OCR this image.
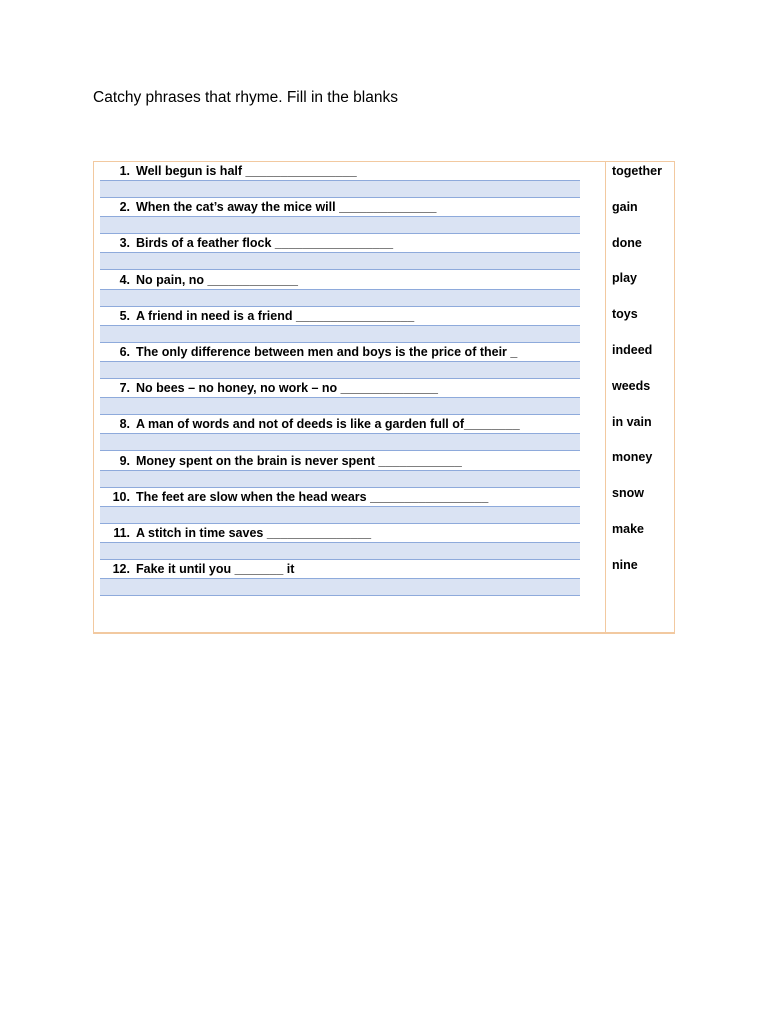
Catchy phrases that rhyme. Fill in the blanks
1. Well begun is half ________________
2. When the cat’s away the mice will ______________
3. Birds of a feather flock _________________
4. No pain, no _____________
5. A friend in need is a friend _________________
6. The only difference between men and boys is the price of their _
7. No bees – no honey, no work – no ______________
8. A man of words and not of deeds is like a garden full of________
9. Money spent on the brain is never spent ____________
10. The feet are slow when the head wears _________________
11. A stitch in time saves _______________
12. Fake it until you _______ it
together
gain
done
play
toys
indeed
weeds
in vain
money
snow
make
nine
